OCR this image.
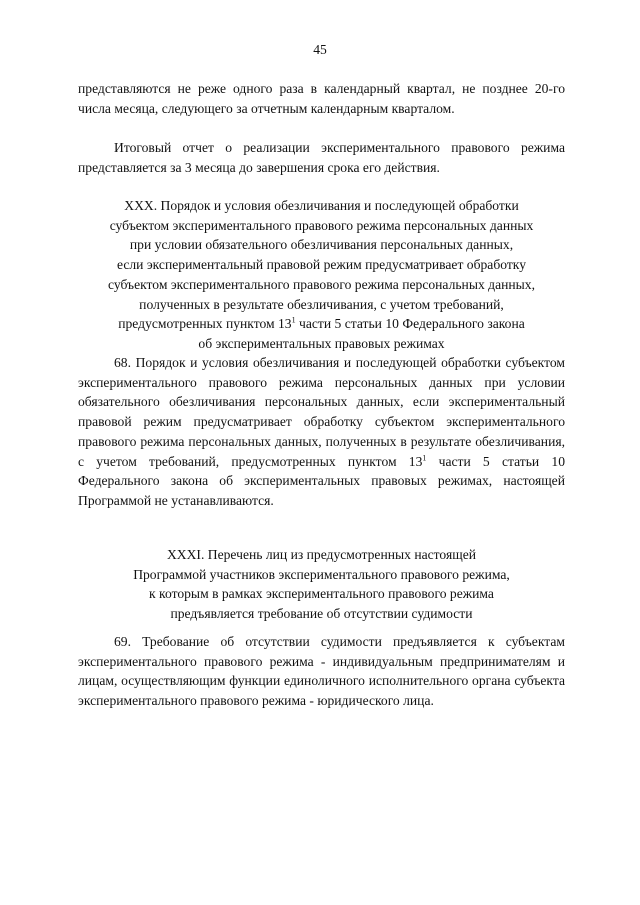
45

представляются не реже одного раза в календарный квартал, не позднее 20-го числа месяца, следующего за отчетным календарным кварталом.

Итоговый отчет о реализации экспериментального правового режима представляется за 3 месяца до завершения срока его действия.

XXX. Порядок и условия обезличивания и последующей обработки
субъектом экспериментального правового режима персональных данных
при условии обязательного обезличивания персональных данных,
если экспериментальный правовой режим предусматривает обработку
субъектом экспериментального правового режима персональных данных,
полученных в результате обезличивания, с учетом требований,
предусмотренных пунктом $13^1$ части 5 статьи 10 Федерального закона
об экспериментальных правовых режимах

68. Порядок и условия обезличивания и последующей обработки субъектом экспериментального правового режима персональных данных при условии обязательного обезличивания персональных данных, если экспериментальный правовой режим предусматривает обработку субъектом экспериментального правового режима персональных данных, полученных в результате обезличивания, с учетом требований, предусмотренных пунктом $13^1$ части 5 статьи 10 Федерального закона об экспериментальных правовых режимах, настоящей Программой не устанавливаются.

XXXI. Перечень лиц из предусмотренных настоящей
Программой участников экспериментального правового режима,
к которым в рамках экспериментального правового режима
предъявляется требование об отсутствии судимости

69. Требование об отсутствии судимости предъявляется к субъектам экспериментального правового режима - индивидуальным предпринимателям и лицам, осуществляющим функции единоличного исполнительного органа субъекта экспериментального правового режима - юридического лица.
